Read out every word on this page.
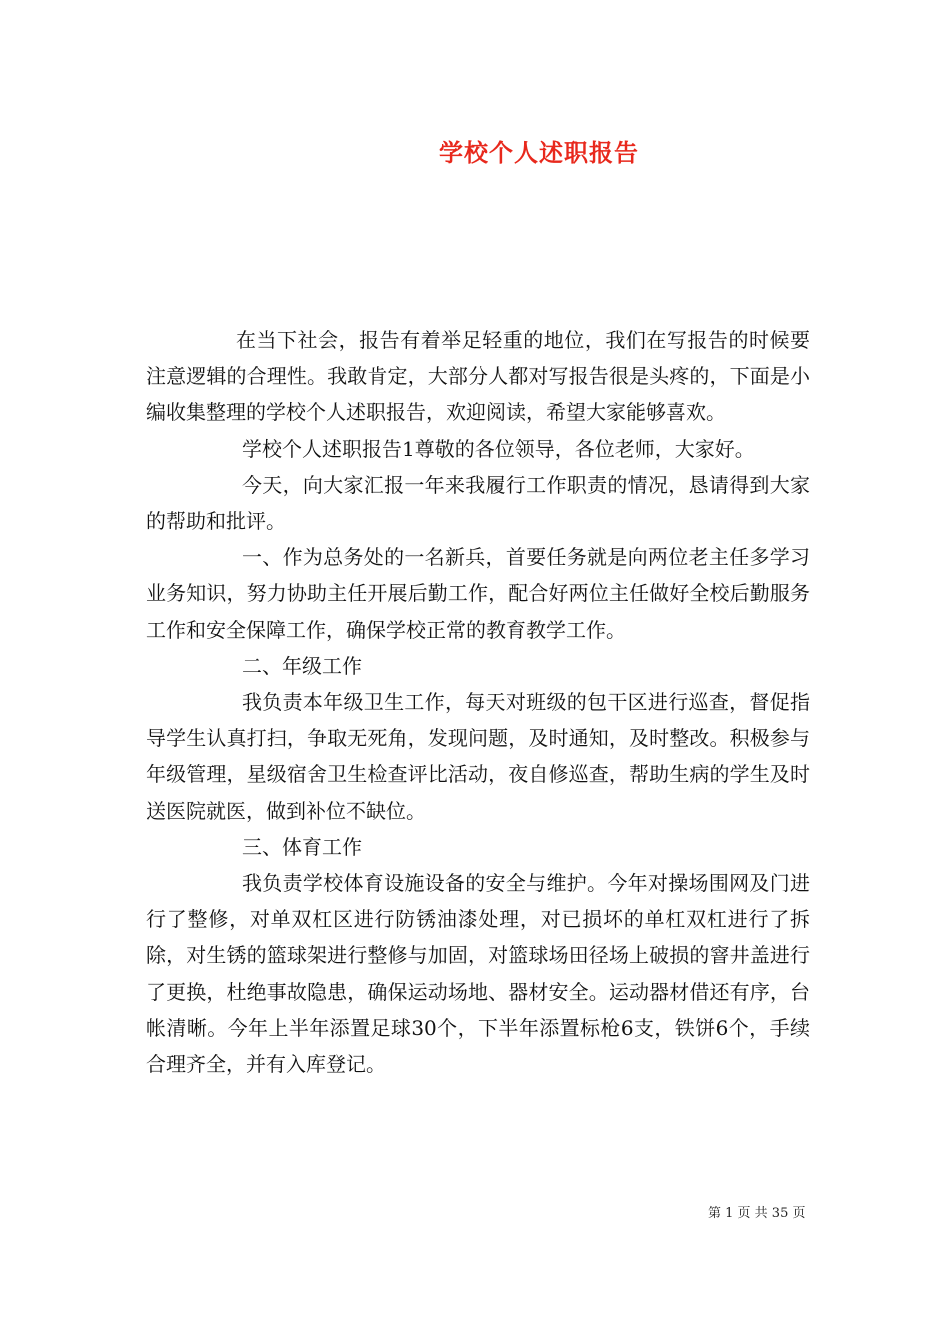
学校个人述职报告

在当下社会，报告有着举足轻重的地位，我们在写报告的时候要注意逻辑的合理性。我敢肯定，大部分人都对写报告很是头疼的，下面是小编收集整理的学校个人述职报告，欢迎阅读，希望大家能够喜欢。

学校个人述职报告1尊敬的各位领导，各位老师，大家好。

今天，向大家汇报一年来我履行工作职责的情况，恳请得到大家的帮助和批评。

一、作为总务处的一名新兵，首要任务就是向两位老主任多学习业务知识，努力协助主任开展后勤工作，配合好两位主任做好全校后勤服务工作和安全保障工作，确保学校正常的教育教学工作。

二、年级工作

我负责本年级卫生工作，每天对班级的包干区进行巡查，督促指导学生认真打扫，争取无死角，发现问题，及时通知，及时整改。积极参与年级管理，星级宿舍卫生检查评比活动，夜自修巡查，帮助生病的学生及时送医院就医，做到补位不缺位。

三、体育工作

我负责学校体育设施设备的安全与维护。今年对操场围网及门进行了整修，对单双杠区进行防锈油漆处理，对已损坏的单杠双杠进行了拆除，对生锈的篮球架进行整修与加固，对篮球场田径场上破损的窨井盖进行了更换，杜绝事故隐患，确保运动场地、器材安全。运动器材借还有序，台帐清晰。今年上半年添置足球30个，下半年添置标枪6支，铁饼6个，手续合理齐全，并有入库登记。

第 1 页 共 35 页
